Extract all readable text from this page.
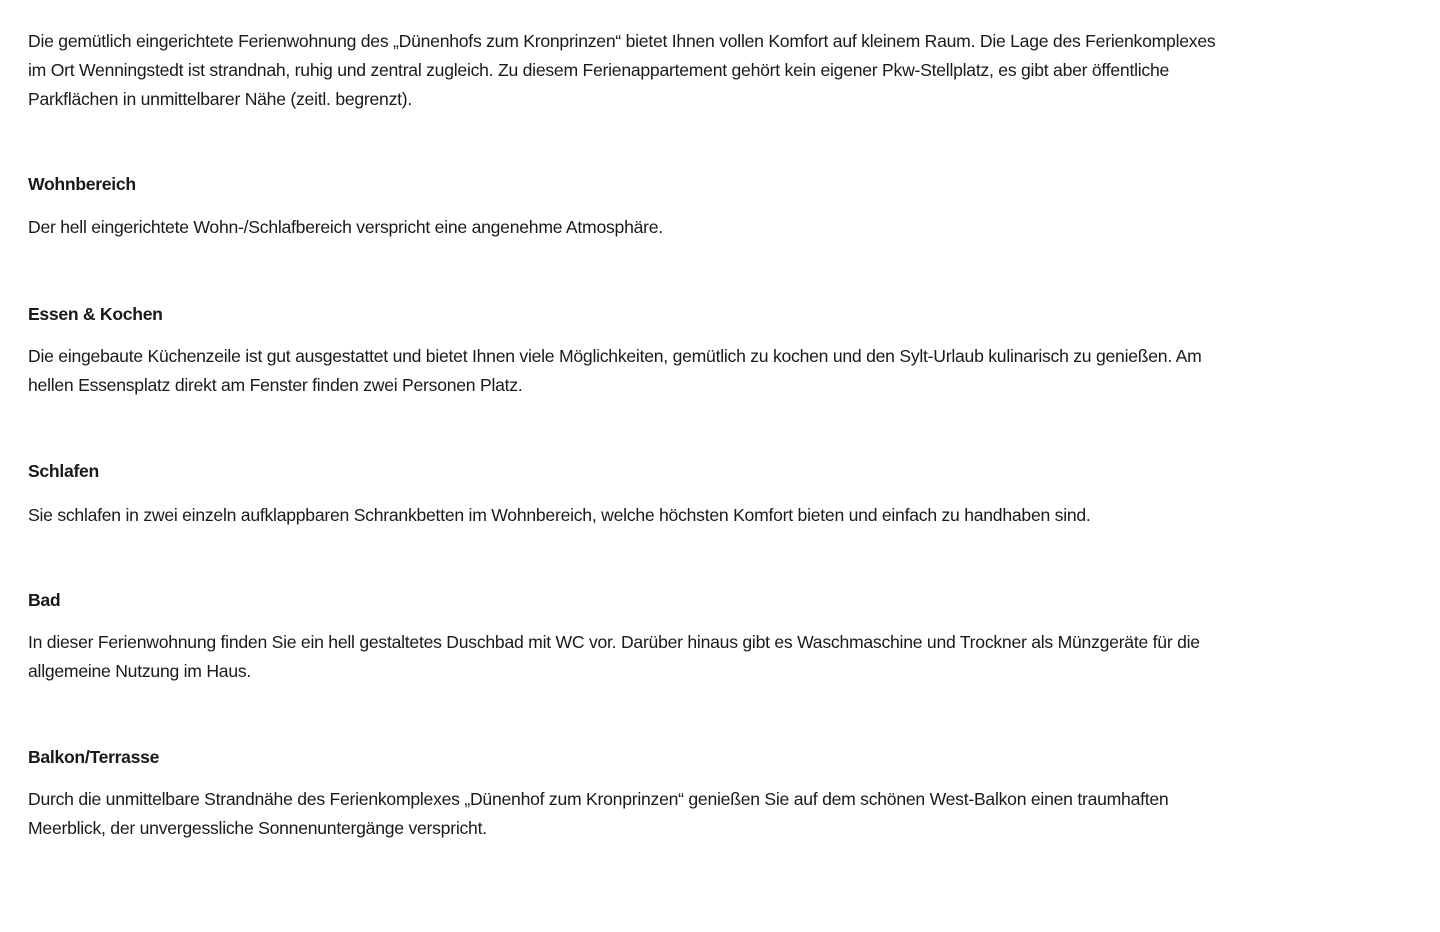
Die gemütlich eingerichtete Ferienwohnung des „Dünenhofs zum Kronprinzen“ bietet Ihnen vollen Komfort auf kleinem Raum. Die Lage des Ferienkomplexes
im Ort Wenningstedt ist strandnah, ruhig und zentral zugleich. Zu diesem Ferienappartement gehört kein eigener Pkw-Stellplatz, es gibt aber öffentliche
Parkflächen in unmittelbarer Nähe (zeitl. begrenzt).
Wohnbereich
Der hell eingerichtete Wohn-/Schlafbereich verspricht eine angenehme Atmosphäre.
Essen & Kochen
Die eingebaute Küchenzeile ist gut ausgestattet und bietet Ihnen viele Möglichkeiten, gemütlich zu kochen und den Sylt-Urlaub kulinarisch zu genießen. Am
hellen Essensplatz direkt am Fenster finden zwei Personen Platz.
Schlafen
Sie schlafen in zwei einzeln aufklappbaren Schrankbetten im Wohnbereich, welche höchsten Komfort bieten und einfach zu handhaben sind.
Bad
In dieser Ferienwohnung finden Sie ein hell gestaltetes Duschbad mit WC vor. Darüber hinaus gibt es Waschmaschine und Trockner als Münzgeräte für die
allgemeine Nutzung im Haus.
Balkon/Terrasse
Durch die unmittelbare Strandnähe des Ferienkomplexes „Dünenhof zum Kronprinzen“ genießen Sie auf dem schönen West-Balkon einen traumhaften
Meerblick, der unvergessliche Sonnenuntergänge verspricht.
